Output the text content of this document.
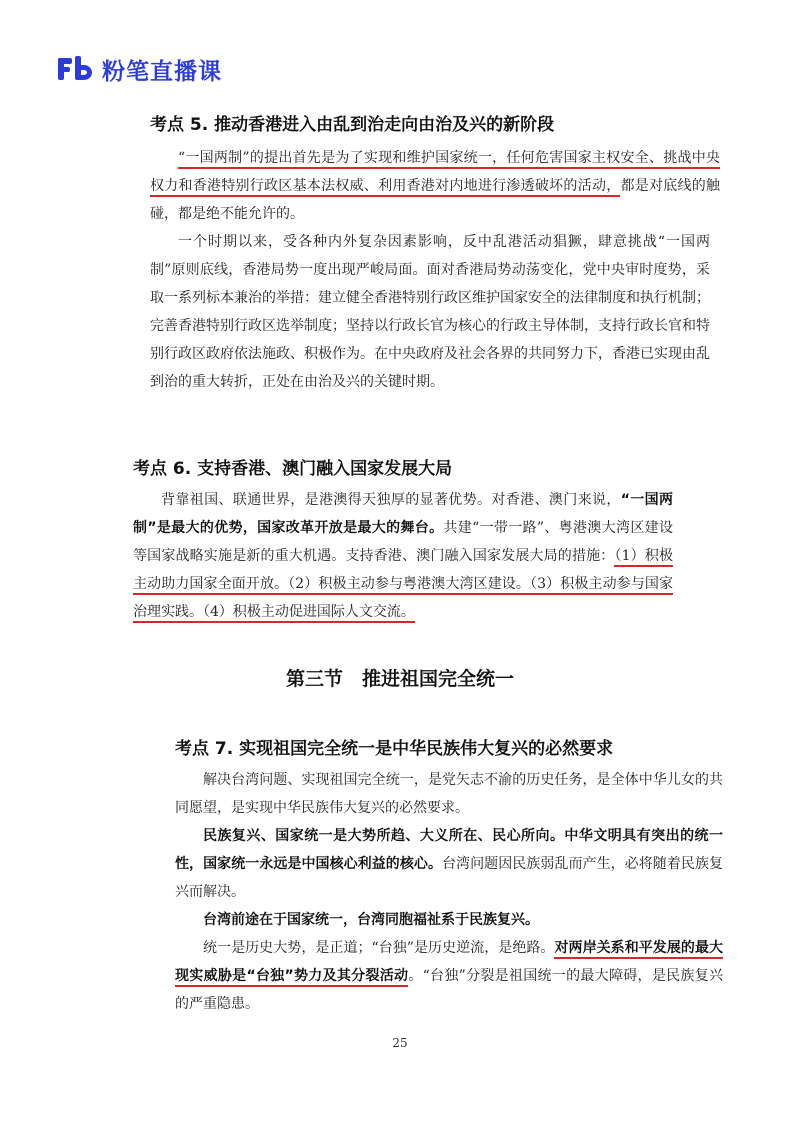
粉笔直播课
考点 5. 推动香港进入由乱到治走向由治及兴的新阶段
“一国两制”的提出首先是为了实现和维护国家统一，任何危害国家主权安全、挑战中央权力和香港特别行政区基本法权威、利用香港对内地进行渗透破坏的活动，都是对底线的触碰，都是绝不能允许的。
一个时期以来，受各种内外复杂因素影响，反中乱港活动猖獗，肆意挑战“一国两制”原则底线，香港局势一度出现严峻局面。面对香港局势动荡变化，党中央审时度势，采取一系列标本兼治的举措：建立健全香港特别行政区维护国家安全的法律制度和执行机制；完善香港特别行政区选举制度；坚持以行政长官为核心的行政主导体制，支持行政长官和特别行政区政府依法施政、积极作为。在中央政府及社会各界的共同努力下，香港已实现由乱到治的重大转折，正处在由治及兴的关键时期。
考点 6. 支持香港、澳门融入国家发展大局
背靠祖国、联通世界，是港澳得天独厚的显著优势。对香港、澳门来说，“一国两制”是最大的优势，国家改革开放是最大的舞台。共建“一带一路”、粤港澳大湾区建设等国家战略实施是新的重大机遇。支持香港、澳门融入国家发展大局的措施：（1）积极主动助力国家全面开放。（2）积极主动参与粤港澳大湾区建设。（3）积极主动参与国家治理实践。（4）积极主动促进国际人文交流。
第三节　推进祖国完全统一
考点 7. 实现祖国完全统一是中华民族伟大复兴的必然要求
解决台湾问题、实现祖国完全统一，是党矢志不渝的历史任务，是全体中华儿女的共同愿望，是实现中华民族伟大复兴的必然要求。
民族复兴、国家统一是大势所趋、大义所在、民心所向。中华文明具有突出的统一性，国家统一永远是中国核心利益的核心。台湾问题因民族弱乱而产生，必将随着民族复兴而解决。
台湾前途在于国家统一，台湾同胞福祉系于民族复兴。
统一是历史大势，是正道；“台独”是历史逆流，是绝路。对两岸关系和平发展的最大现实威胁是“台独”势力及其分裂活动。“台独”分裂是祖国统一的最大障碍，是民族复兴的严重隐患。
25
